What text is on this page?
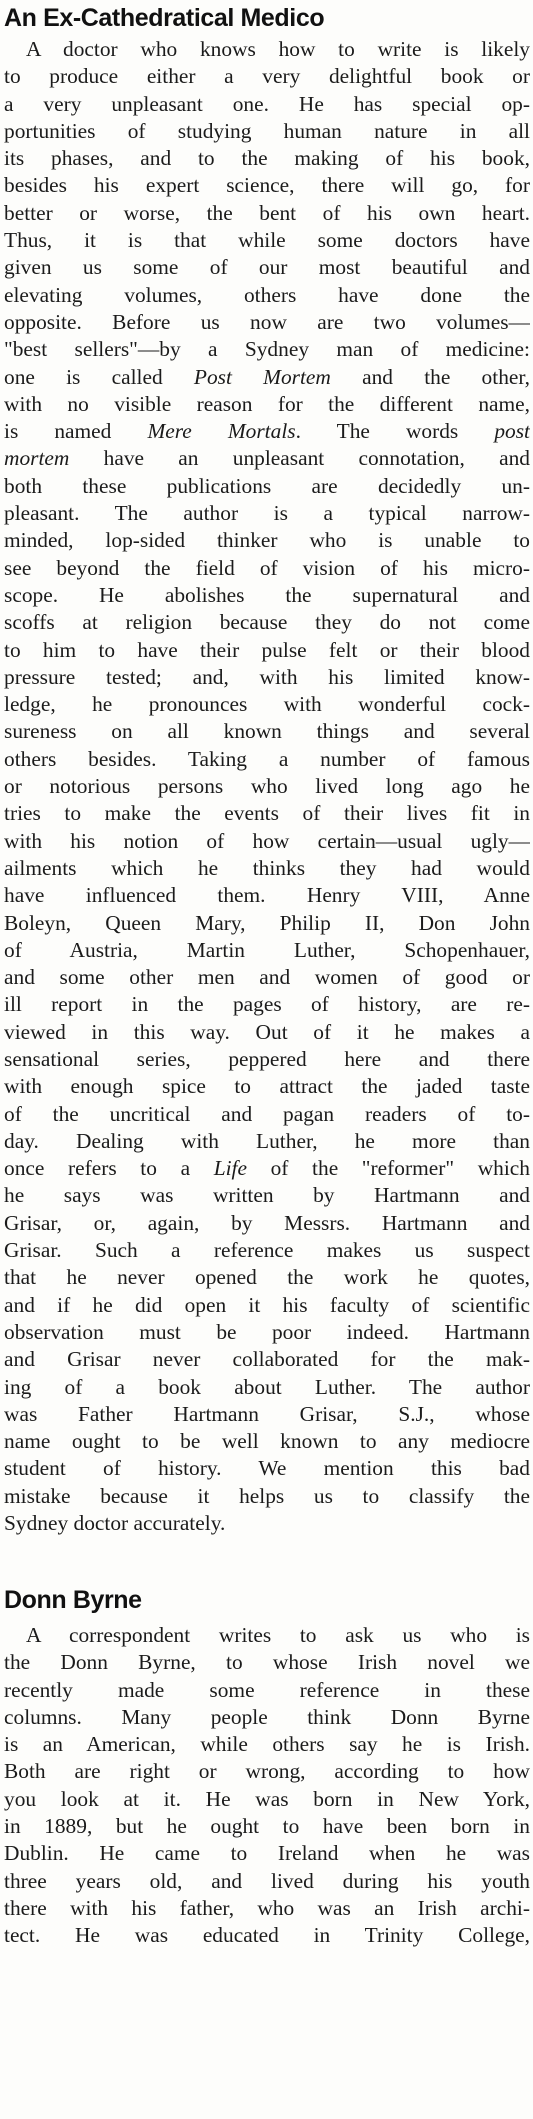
An Ex-Cathedratical Medico
A doctor who knows how to write is likely
to produce either a very delightful book or
a very unpleasant one. He has special op-
portunities of studying human nature in all
its phases, and to the making of his book,
besides his expert science, there will go, for
better or worse, the bent of his own heart.
Thus, it is that while some doctors have
given us some of our most beautiful and
elevating volumes, others have done the
opposite. Before us now are two volumes—
"best sellers"—by a Sydney man of medicine:
one is called Post Mortem and the other,
with no visible reason for the different name,
is named Mere Mortals. The words post
mortem have an unpleasant connotation, and
both these publications are decidedly un-
pleasant. The author is a typical narrow-
minded, lop-sided thinker who is unable to
see beyond the field of vision of his micro-
scope. He abolishes the supernatural and
scoffs at religion because they do not come
to him to have their pulse felt or their blood
pressure tested; and, with his limited know-
ledge, he pronounces with wonderful cock-
sureness on all known things and several
others besides. Taking a number of famous
or notorious persons who lived long ago he
tries to make the events of their lives fit in
with his notion of how certain—usual ugly—
ailments which he thinks they had would
have influenced them. Henry VIII, Anne
Boleyn, Queen Mary, Philip II, Don John
of Austria, Martin Luther, Schopenhauer,
and some other men and women of good or
ill report in the pages of history, are re-
viewed in this way. Out of it he makes a
sensational series, peppered here and there
with enough spice to attract the jaded taste
of the uncritical and pagan readers of to-
day. Dealing with Luther, he more than
once refers to a Life of the "reformer" which
he says was written by Hartmann and
Grisar, or, again, by Messrs. Hartmann and
Grisar. Such a reference makes us suspect
that he never opened the work he quotes,
and if he did open it his faculty of scientific
observation must be poor indeed. Hartmann
and Grisar never collaborated for the mak-
ing of a book about Luther. The author
was Father Hartmann Grisar, S.J., whose
name ought to be well known to any mediocre
student of history. We mention this bad
mistake because it helps us to classify the
Sydney doctor accurately.
Donn Byrne
A correspondent writes to ask us who is
the Donn Byrne, to whose Irish novel we
recently made some reference in these
columns. Many people think Donn Byrne
is an American, while others say he is Irish.
Both are right or wrong, according to how
you look at it. He was born in New York,
in 1889, but he ought to have been born in
Dublin. He came to Ireland when he was
three years old, and lived during his youth
there with his father, who was an Irish archi-
tect. He was educated in Trinity College,
